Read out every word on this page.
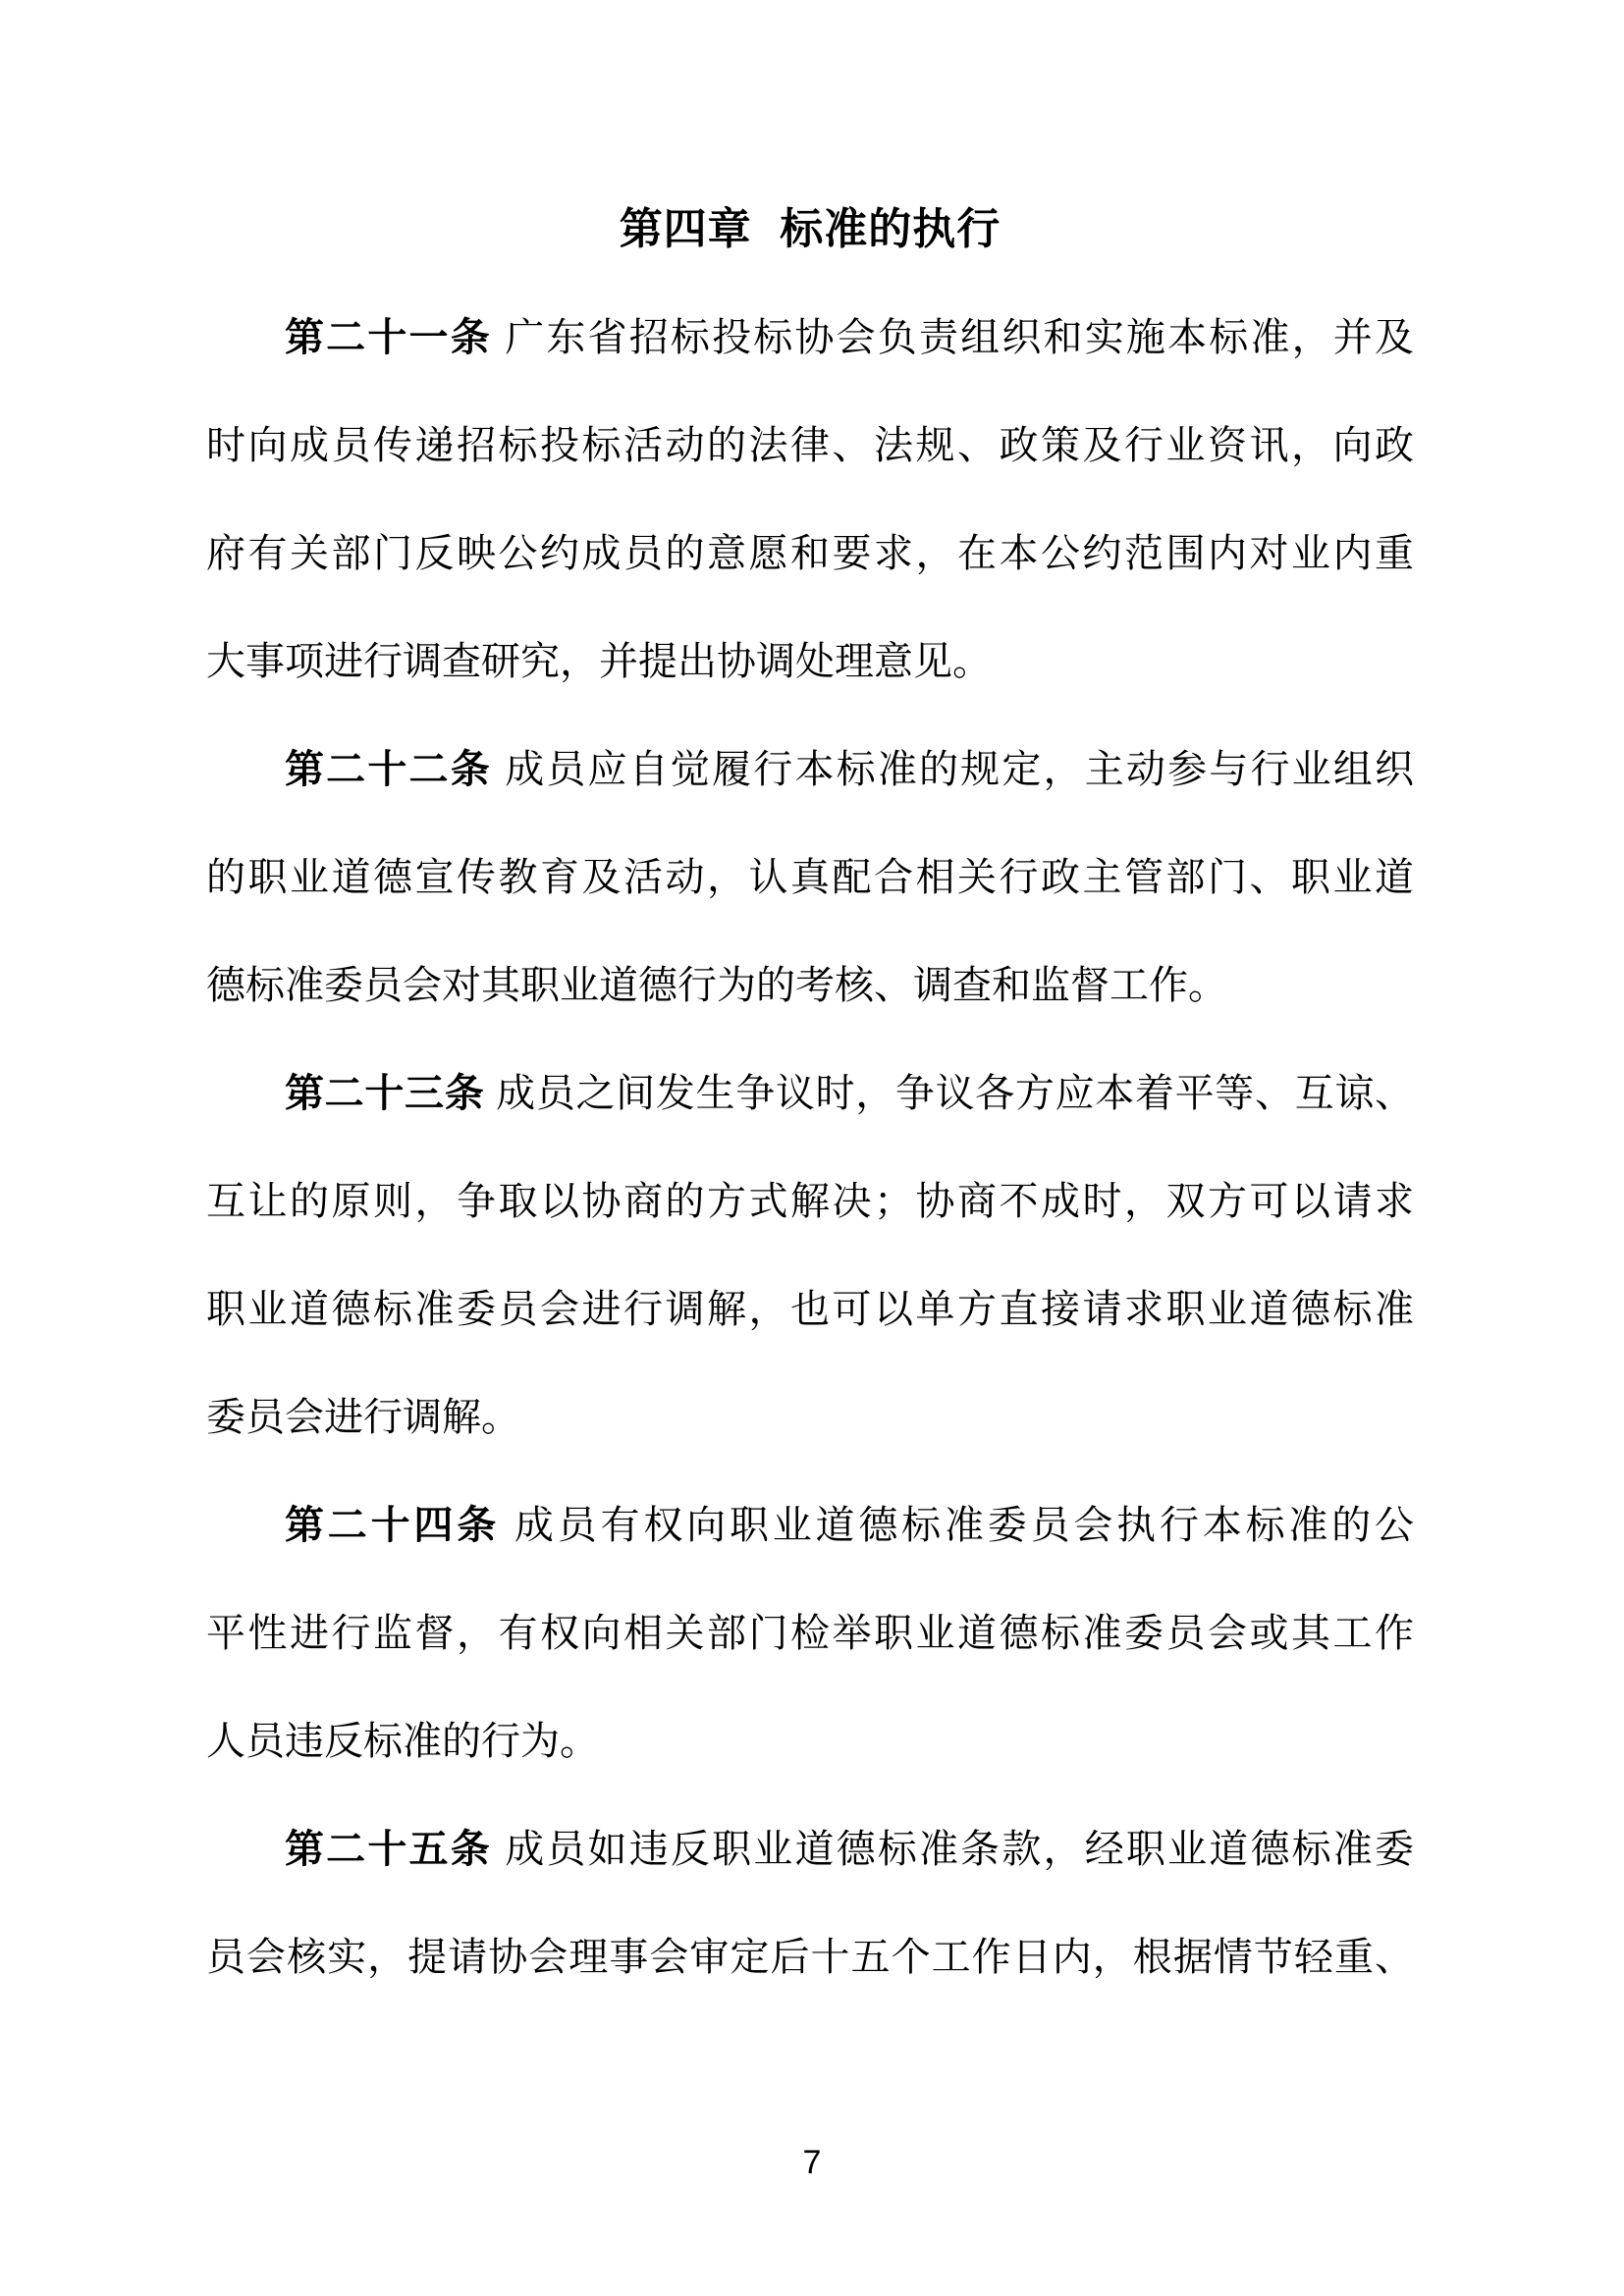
第四章 标准的执行
第二十一条 广东省招标投标协会负责组织和实施本标准，并及
时向成员传递招标投标活动的法律、法规、政策及行业资讯，向政
府有关部门反映公约成员的意愿和要求，在本公约范围内对业内重
大事项进行调查研究，并提出协调处理意见。
第二十二条 成员应自觉履行本标准的规定，主动参与行业组织
的职业道德宣传教育及活动，认真配合相关行政主管部门、职业道
德标准委员会对其职业道德行为的考核、调查和监督工作。
第二十三条 成员之间发生争议时，争议各方应本着平等、互谅、
互让的原则，争取以协商的方式解决；协商不成时，双方可以请求
职业道德标准委员会进行调解，也可以单方直接请求职业道德标准
委员会进行调解。
第二十四条 成员有权向职业道德标准委员会执行本标准的公
平性进行监督，有权向相关部门检举职业道德标准委员会或其工作
人员违反标准的行为。
第二十五条 成员如违反职业道德标准条款，经职业道德标准委
员会核实，提请协会理事会审定后十五个工作日内，根据情节轻重、
7
